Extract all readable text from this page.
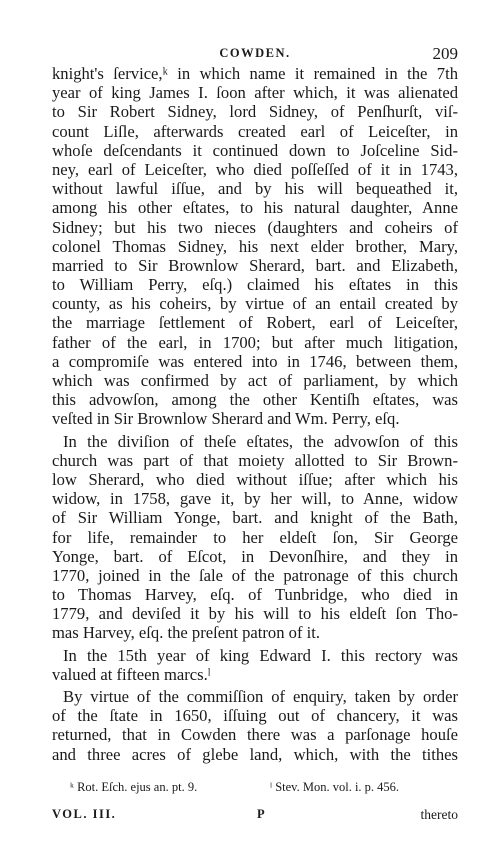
COWDEN.	209
knight's ſervice,ᵏ in which name it remained in the 7th
year of king James I. ſoon after which, it was alienated
to Sir Robert Sidney, lord Sidney, of Penſhurſt, viſ-
count Liſle, afterwards created earl of Leiceſter, in
whoſe deſcendants it continued down to Joſceline Sid-
ney, earl of Leiceſter, who died poſſeſſed of it in 1743,
without lawful iſſue, and by his will bequeathed it,
among his other eſtates, to his natural daughter, Anne
Sidney; but his two nieces (daughters and coheirs of
colonel Thomas Sidney, his next elder brother, Mary,
married to Sir Brownlow Sherard, bart. and Elizabeth,
to William Perry, eſq.) claimed his eſtates in this
county, as his coheirs, by virtue of an entail created by
the marriage ſettlement of Robert, earl of Leiceſter,
father of the earl, in 1700; but after much litigation,
a compromiſe was entered into in 1746, between them,
which was confirmed by act of parliament, by which
this advowſon, among the other Kentiſh eſtates, was
veſted in Sir Brownlow Sherard and Wm. Perry, eſq.
In the diviſion of theſe eſtates, the advowſon of this
church was part of that moiety allotted to Sir Brown-
low Sherard, who died without iſſue; after which his
widow, in 1758, gave it, by her will, to Anne, widow
of Sir William Yonge, bart. and knight of the Bath,
for life, remainder to her eldeſt ſon, Sir George
Yonge, bart. of Eſcot, in Devonſhire, and they in
1770, joined in the ſale of the patronage of this church
to Thomas Harvey, eſq. of Tunbridge, who died in
1779, and deviſed it by his will to his eldeſt ſon Tho-
mas Harvey, eſq. the preſent patron of it.
In the 15th year of king Edward I. this rectory was
valued at fifteen marcs.ˡ
By virtue of the commiſſion of enquiry, taken by order
of the ſtate in 1650, iſſuing out of chancery, it was
returned, that in Cowden there was a parſonage houſe
and three acres of glebe land, which, with the tithes
ᵏ Rot. Eſch. ejus an. pt. 9.	ˡ Stev. Mon. vol. i. p. 456.
VOL. III.	P	thereto
